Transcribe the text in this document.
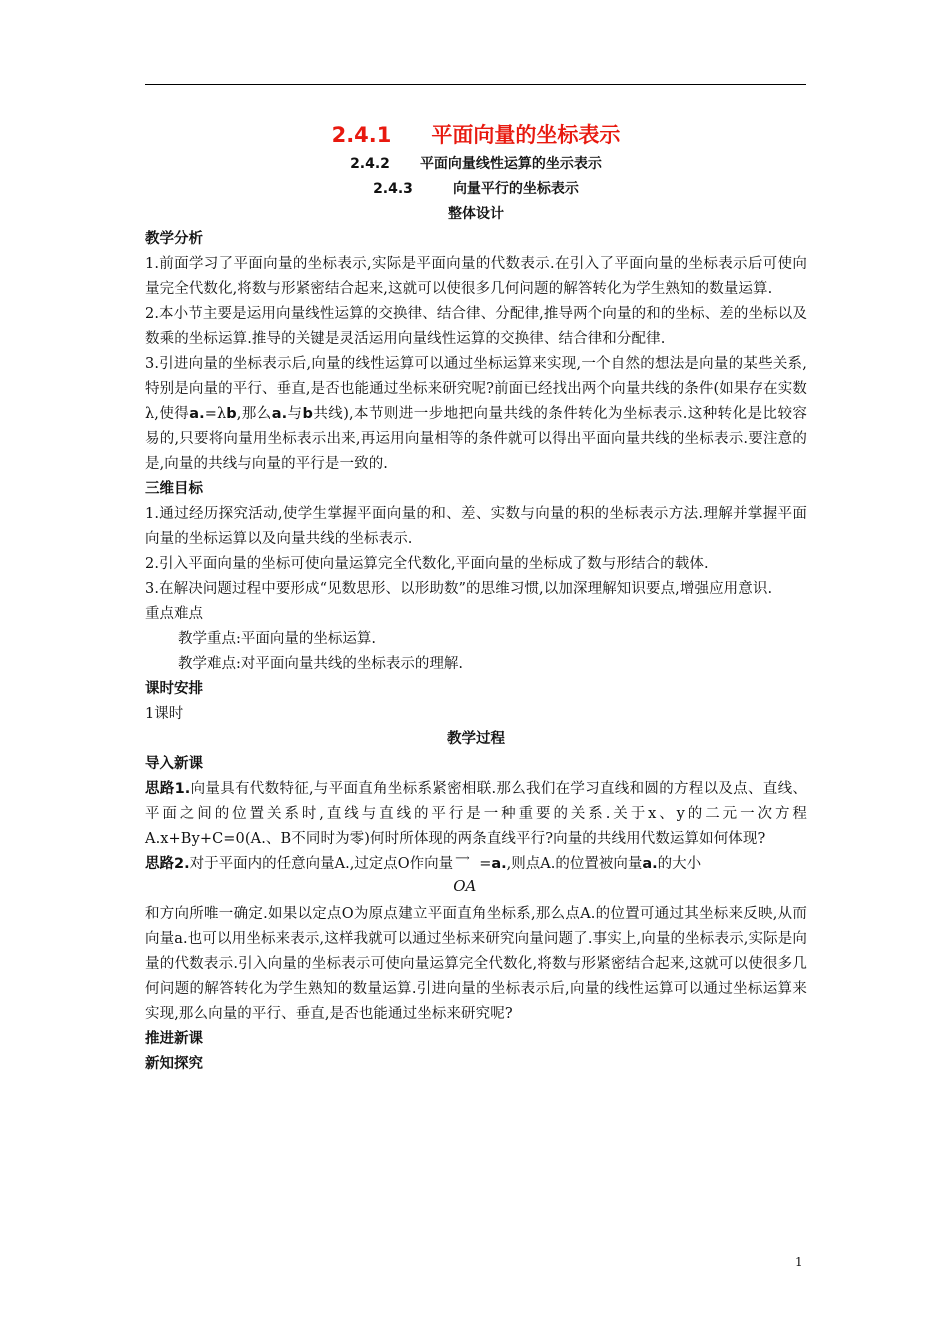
2.4.1 平面向量的坐标表示
2.4.2 平面向量线性运算的坐示表示
2.4.3	向量平行的坐标表示
整体设计
教学分析
1.前面学习了平面向量的坐标表示,实际是平面向量的代数表示.在引入了平面向量的坐标表示后可使向量完全代数化,将数与形紧密结合起来,这就可以使很多几何问题的解答转化为学生熟知的数量运算.
2.本小节主要是运用向量线性运算的交换律、结合律、分配律,推导两个向量的和的坐标、差的坐标以及数乘的坐标运算.推导的关键是灵活运用向量线性运算的交换律、结合律和分配律.
3.引进向量的坐标表示后,向量的线性运算可以通过坐标运算来实现,一个自然的想法是向量的某些关系,特别是向量的平行、垂直,是否也能通过坐标来研究呢?前面已经找出两个向量共线的条件(如果存在实数 λ,使得a.=λb,那么a.与b共线),本节则进一步地把向量共线的条件转化为坐标表示.这种转化是比较容易的,只要将向量用坐标表示出来,再运用向量相等的条件就可以得出平面向量共线的坐标表示.要注意的是,向量的共线与向量的平行是一致的.
三维目标
1.通过经历探究活动,使学生掌握平面向量的和、差、实数与向量的积的坐标表示方法.理解并掌握平面向量的坐标运算以及向量共线的坐标表示.
2.引入平面向量的坐标可使向量运算完全代数化,平面向量的坐标成了数与形结合的载体.
3.在解决问题过程中要形成“见数思形、以形助数”的思维习惯,以加深理解知识要点,增强应用意识.
重点难点
教学重点:平面向量的坐标运算.
教学难点:对平面向量共线的坐标表示的理解.
课时安排
1课时
教学过程
导入新课
思路1.向量具有代数特征,与平面直角坐标系紧密相联.那么我们在学习直线和圆的方程以及点、直线、平面之间的位置关系时,直线与直线的平行是一种重要的关系.关于x、y的二元一次方程A.x+By+C=0(A.、B不同时为零)何时所体现的两条直线平行?向量的共线用代数运算如何体现?
思路2.对于平面内的任意向量A.,过定点O作向量 ⟶
OA
=a.,则点A.的位置被向量a.的大小
和方向所唯一确定.如果以定点O为原点建立平面直角坐标系,那么点A.的位置可通过其坐标来反映,从而向量a.也可以用坐标来表示,这样我就可以通过坐标来研究向量问题了.事实上,向量的坐标表示,实际是向量的代数表示.引入向量的坐标表示可使向量运算完全代数化,将数与形紧密结合起来,这就可以使很多几何问题的解答转化为学生熟知的数量运算.引进向量的坐标表示后,向量的线性运算可以通过坐标运算来实现,那么向量的平行、垂直,是否也能通过坐标来研究呢?
推进新课
新知探究
1
